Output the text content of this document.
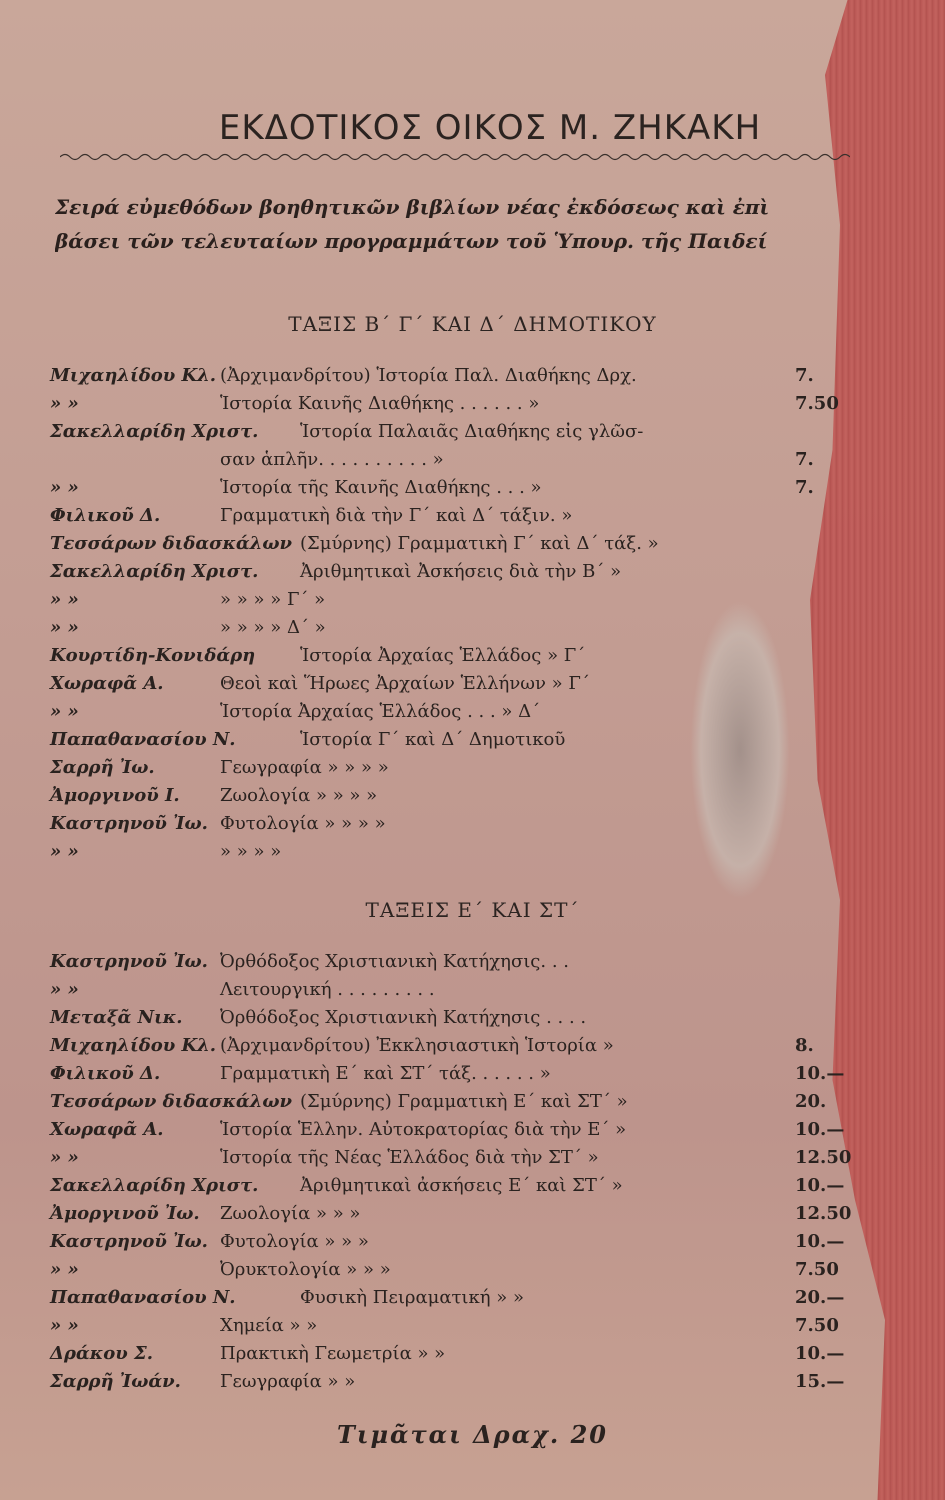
ΕΚΔΟΤΙΚΟΣ ΟΙΚΟΣ Μ. ΖΗΚΑΚΗ
Σειρά εὐμεθόδων βοηθητικῶν βιβλίων νέας ἐκδόσεως καὶ ἐπὶ
βάσει τῶν τελευταίων προγραμμάτων τοῦ Ὑπουρ. τῆς Παιδεί
ΤΑΞΙΣ Β΄ Γ΄ ΚΑΙ Δ΄ ΔΗΜΟΤΙΚΟΥ
Μιχαηλίδου Κλ. (Ἀρχιμανδρίτου) Ἱστορία Παλ. Διαθήκης Δρχ.	7.
» »	Ἱστορία Καινῆς Διαθήκης . . . . . . »	7.50
Σακελλαρίδη Χριστ. Ἱστορία Παλαιᾶς Διαθήκης εἰς γλῶσ-
σαν ἁπλῆν. . . . . . . . . . »	7.
» »	Ἱστορία τῆς Καινῆς Διαθήκης . . . »	7.
Φιλικοῦ Δ.	Γραμματικὴ διὰ τὴν Γ΄ καὶ Δ΄ τάξιν. »
Τεσσάρων διδασκάλων (Σμύρνης) Γραμματικὴ Γ΄ καὶ Δ΄ τάξ. »
Σακελλαρίδη Χριστ. Ἀριθμητικαὶ Ἀσκήσεις διὰ τὴν Β΄ »
» »	» » » » Γ΄ »
» »	» » » » Δ΄ »
Κουρτίδη-Κονιδάρη Ἱστορία Ἀρχαίας Ἑλλάδος » Γ΄
Χωραφᾶ Α.	Θεοὶ καὶ Ἥρωες Ἀρχαίων Ἑλλήνων » Γ΄
» »	Ἱστορία Ἀρχαίας Ἑλλάδος . . . » Δ΄
Παπαθανασίου Ν.	Ἱστορία Γ΄ καὶ Δ΄ Δημοτικοῦ
Σαρρῆ Ἰω.	Γεωγραφία » » » »
Ἀμοργινοῦ Ι. Ζωολογία » » » »
Καστρηνοῦ Ἰω. Φυτολογία » » » »
» »	» » » »
ΤΑΞΕΙΣ Ε΄ ΚΑΙ ΣΤ΄
Καστρηνοῦ Ἰω. Ὀρθόδοξος Χριστιανικὴ Κατήχησις. . .
» »	Λειτουργική . . . . . . . . .
Μεταξᾶ Νικ. Ὀρθόδοξος Χριστιανικὴ Κατήχησις . . . .
Μιχαηλίδου Κλ. (Ἀρχιμανδρίτου) Ἐκκλησιαστικὴ Ἱστορία »	8.
Φιλικοῦ Δ.	Γραμματικὴ Ε΄ καὶ ΣΤ΄ τάξ. . . . . . »	10.—
Τεσσάρων διδασκάλων (Σμύρνης) Γραμματικὴ Ε΄ καὶ ΣΤ΄ »	20.
Χωραφᾶ Α.	Ἱστορία Ἑλλην. Αὐτοκρατορίας διὰ τὴν Ε΄ »	10.—
» »	Ἱστορία τῆς Νέας Ἑλλάδος διὰ τὴν ΣΤ΄ »	12.50
Σακελλαρίδη Χριστ. Ἀριθμητικαὶ ἀσκήσεις Ε΄ καὶ ΣΤ΄ »	10.—
Ἀμοργινοῦ Ἰω. Ζωολογία » » »	12.50
Καστρηνοῦ Ἰω. Φυτολογία » » »	10.—
» »	Ὀρυκτολογία » » »	7.50
Παπαθανασίου Ν.	Φυσικὴ Πειραματική » »	20.—
» »	Χημεία » »	7.50
Δράκου Σ.	Πρακτικὴ Γεωμετρία » »	10.—
Σαρρῆ Ἰωάν. Γεωγραφία » »	15.—
Τιμᾶται Δραχ. 20
